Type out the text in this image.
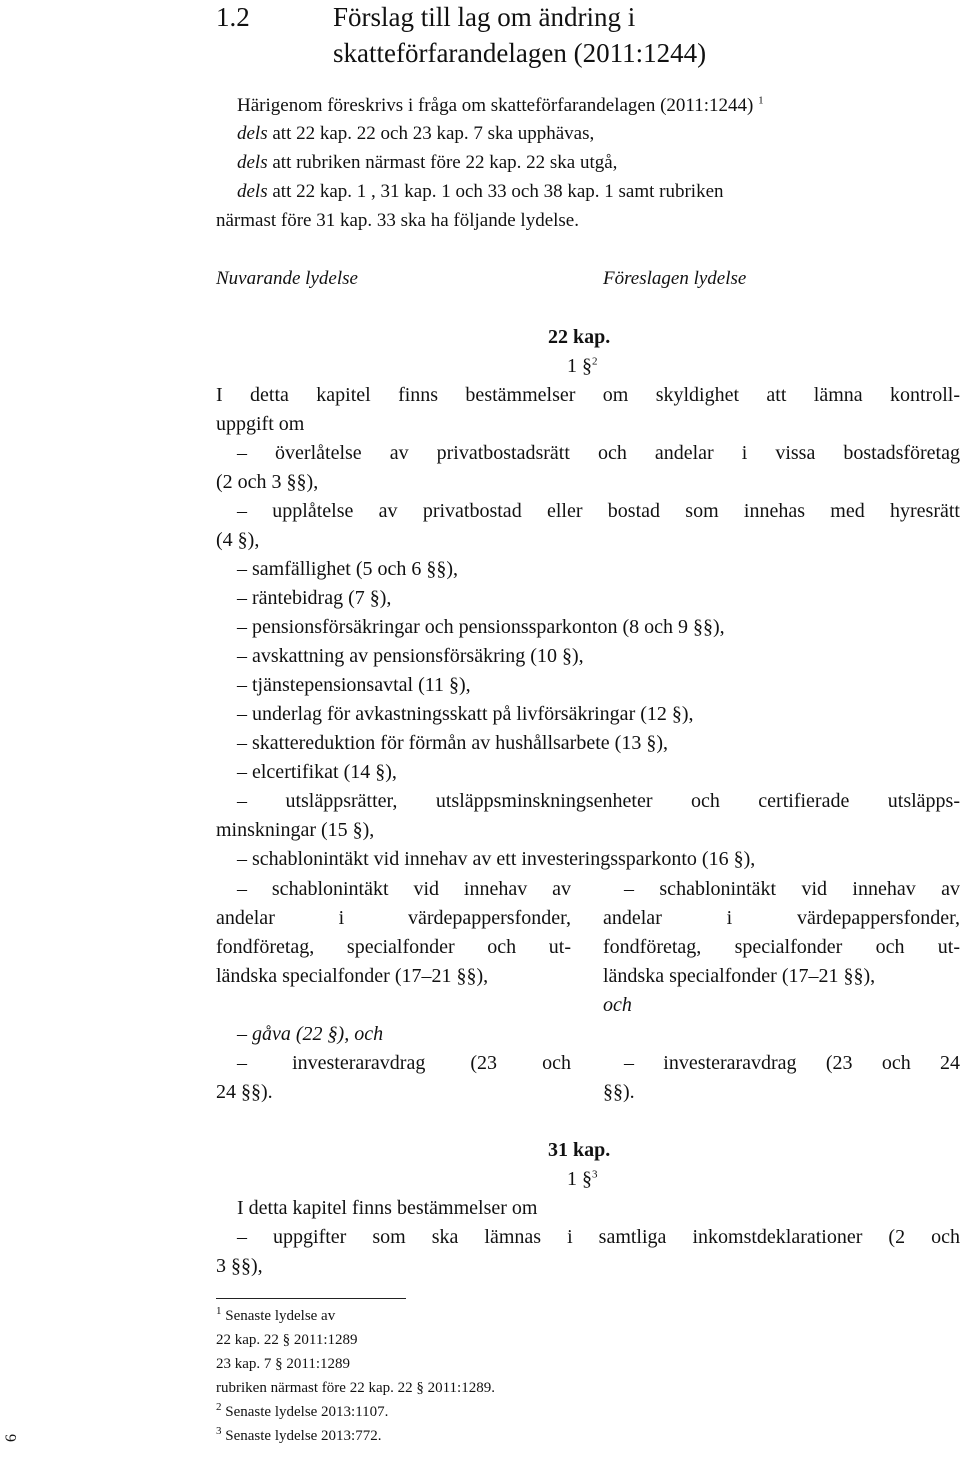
1.2	Förslag till lag om ändring i
skatteförfarandelagen (2011:1244)
Härigenom föreskrivs i fråga om skatteförfarandelagen (2011:1244) $^1$
dels att 22 kap. 22 och 23 kap. 7 ska upphävas,
dels att rubriken närmast före 22 kap. 22 ska utgå,
dels att 22 kap. 1 , 31 kap. 1 och 33 och 38 kap. 1 samt rubriken
närmast före 31 kap. 33 ska ha följande lydelse.
Nuvarande lydelse	Föreslagen lydelse
22 kap.
1 §$^2$
I detta kapitel finns bestämmelser om skyldighet att lämna kontroll-
uppgift om
– överlåtelse av privatbostadsrätt och andelar i vissa bostadsföretag
(2 och 3 §§),
– upplåtelse av privatbostad eller bostad som innehas med hyresrätt
(4 §),
– samfällighet (5 och 6 §§),
– räntebidrag (7 §),
– pensionsförsäkringar och pensionssparkonton (8 och 9 §§),
– avskattning av pensionsförsäkring (10 §),
– tjänstepensionsavtal (11 §),
– underlag för avkastningsskatt på livförsäkringar (12 §),
– skattereduktion för förmån av hushållsarbete (13 §),
– elcertifikat (14 §),
– utsläppsrätter, utsläppsminskningsenheter och certifierade utsläpps-
minskningar (15 §),
– schablonintäkt vid innehav av ett investeringssparkonto (16 §),
– schablonintäkt vid innehav av
andelar i värdepappersfonder,
fondföretag, specialfonder och ut-
ländska specialfonder (17–21 §§),
– gåva (22 §), och
– investeraravdrag (23 och
24 §§).
– schablonintäkt vid innehav av
andelar i värdepappersfonder,
fondföretag, specialfonder och ut-
ländska specialfonder (17–21 §§),
och
– investeraravdrag (23 och 24
§§).
31 kap.
1 §$^3$
I detta kapitel finns bestämmelser om
– uppgifter som ska lämnas i samtliga inkomstdeklarationer (2 och
3 §§),
$^1$ Senaste lydelse av
22 kap. 22 § 2011:1289
23 kap. 7 § 2011:1289
rubriken närmast före 22 kap. 22 § 2011:1289.
$^2$ Senaste lydelse 2013:1107.
$^3$ Senaste lydelse 2013:772.
6
